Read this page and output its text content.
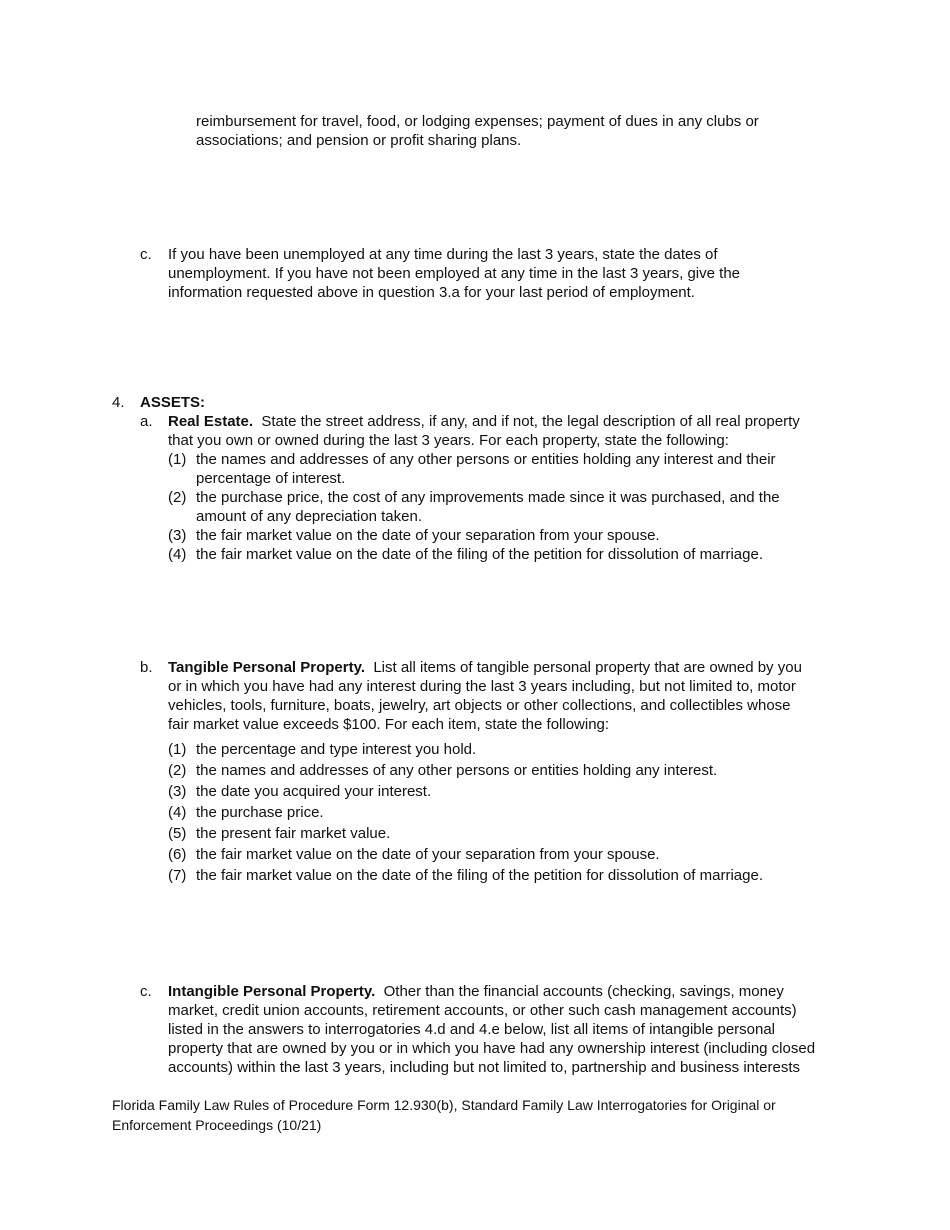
reimbursement for travel, food, or lodging expenses; payment of dues in any clubs or
associations; and pension or profit sharing plans.
c. If you have been unemployed at any time during the last 3 years, state the dates of
unemployment. If you have not been employed at any time in the last 3 years, give the
information requested above in question 3.a for your last period of employment.
4. ASSETS:
a. Real Estate.  State the street address, if any, and if not, the legal description of all real property
that you own or owned during the last 3 years. For each property, state the following:
(1) the names and addresses of any other persons or entities holding any interest and their
percentage of interest.
(2) the purchase price, the cost of any improvements made since it was purchased, and the
amount of any depreciation taken.
(3) the fair market value on the date of your separation from your spouse.
(4) the fair market value on the date of the filing of the petition for dissolution of marriage.
b. Tangible Personal Property.  List all items of tangible personal property that are owned by you
or in which you have had any interest during the last 3 years including, but not limited to, motor
vehicles, tools, furniture, boats, jewelry, art objects or other collections, and collectibles whose
fair market value exceeds $100. For each item, state the following:
(1) the percentage and type interest you hold.
(2) the names and addresses of any other persons or entities holding any interest.
(3) the date you acquired your interest.
(4) the purchase price.
(5) the present fair market value.
(6) the fair market value on the date of your separation from your spouse.
(7) the fair market value on the date of the filing of the petition for dissolution of marriage.
c. Intangible Personal Property.  Other than the financial accounts (checking, savings, money
market, credit union accounts, retirement accounts, or other such cash management accounts)
listed in the answers to interrogatories 4.d and 4.e below, list all items of intangible personal
property that are owned by you or in which you have had any ownership interest (including closed
accounts) within the last 3 years, including but not limited to, partnership and business interests
Florida Family Law Rules of Procedure Form 12.930(b), Standard Family Law Interrogatories for Original or
Enforcement Proceedings (10/21)
